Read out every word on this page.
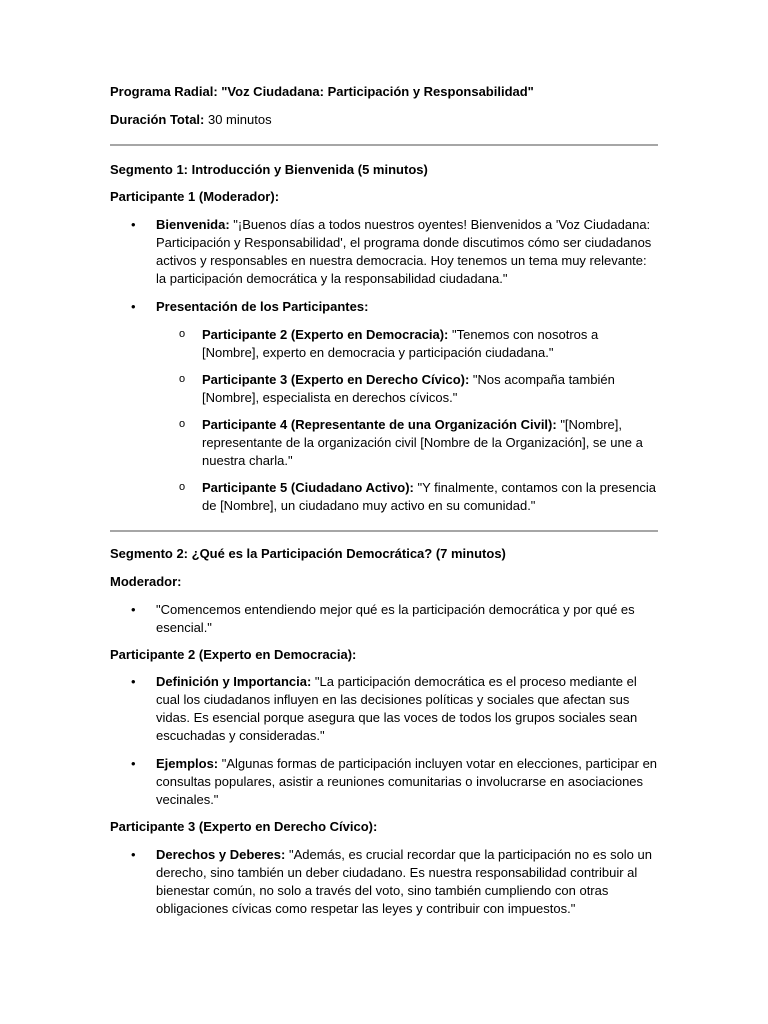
Programa Radial: "Voz Ciudadana: Participación y Responsabilidad"

Duración Total: 30 minutos

Segmento 1: Introducción y Bienvenida (5 minutos)

Participante 1 (Moderador):

• Bienvenida: "¡Buenos días a todos nuestros oyentes! Bienvenidos a 'Voz Ciudadana: Participación y Responsabilidad', el programa donde discutimos cómo ser ciudadanos activos y responsables en nuestra democracia. Hoy tenemos un tema muy relevante: la participación democrática y la responsabilidad ciudadana."
• Presentación de los Participantes:
o Participante 2 (Experto en Democracia): "Tenemos con nosotros a [Nombre], experto en democracia y participación ciudadana."
o Participante 3 (Experto en Derecho Cívico): "Nos acompaña también [Nombre], especialista en derechos cívicos."
o Participante 4 (Representante de una Organización Civil): "[Nombre], representante de la organización civil [Nombre de la Organización], se une a nuestra charla."
o Participante 5 (Ciudadano Activo): "Y finalmente, contamos con la presencia de [Nombre], un ciudadano muy activo en su comunidad."

Segmento 2: ¿Qué es la Participación Democrática? (7 minutos)

Moderador:

• "Comencemos entendiendo mejor qué es la participación democrática y por qué es esencial."

Participante 2 (Experto en Democracia):

• Definición y Importancia: "La participación democrática es el proceso mediante el cual los ciudadanos influyen en las decisiones políticas y sociales que afectan sus vidas. Es esencial porque asegura que las voces de todos los grupos sociales sean escuchadas y consideradas."
• Ejemplos: "Algunas formas de participación incluyen votar en elecciones, participar en consultas populares, asistir a reuniones comunitarias o involucrarse en asociaciones vecinales."

Participante 3 (Experto en Derecho Cívico):

• Derechos y Deberes: "Además, es crucial recordar que la participación no es solo un derecho, sino también un deber ciudadano. Es nuestra responsabilidad contribuir al bienestar común, no solo a través del voto, sino también cumpliendo con otras obligaciones cívicas como respetar las leyes y contribuir con impuestos."
